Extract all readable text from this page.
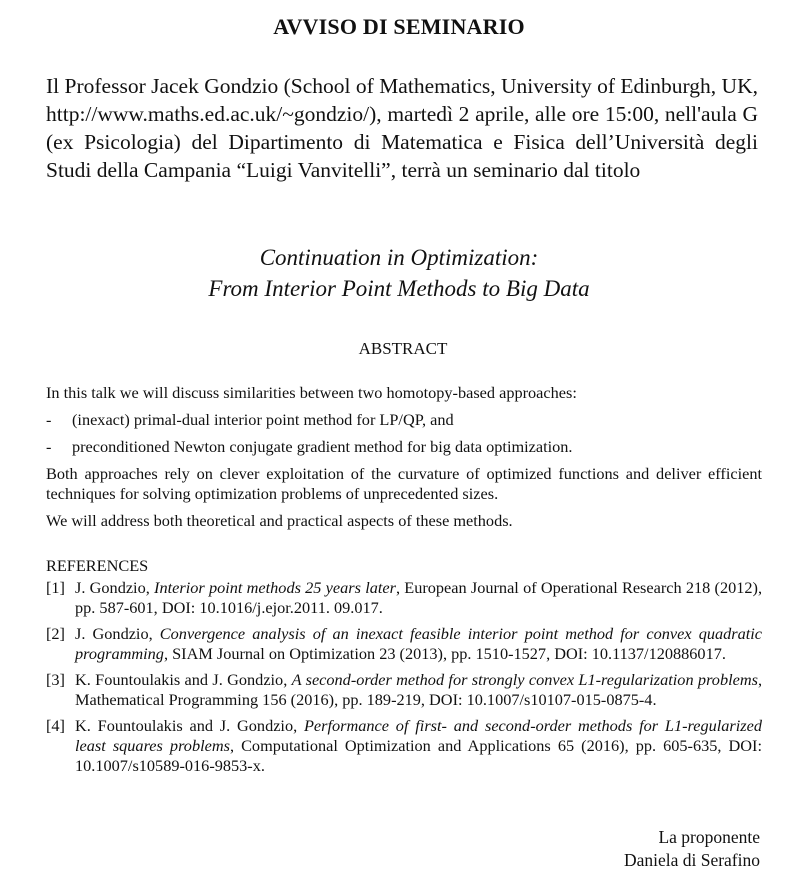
AVVISO DI SEMINARIO
Il Professor Jacek Gondzio (School of Mathematics, University of Edinburgh, UK, http://www.maths.ed.ac.uk/~gondzio/), martedì 2 aprile, alle ore 15:00, nell'aula G (ex Psicologia) del Dipartimento di Matematica e Fisica dell’Università degli Studi della Campania “Luigi Vanvitelli”, terrà un seminario dal titolo
Continuation in Optimization:
From Interior Point Methods to Big Data
ABSTRACT

In this talk we will discuss similarities between two homotopy-based approaches:

-	(inexact) primal-dual interior point method for LP/QP, and
-	preconditioned Newton conjugate gradient method for big data optimization.

Both approaches rely on clever exploitation of the curvature of optimized functions and deliver efficient techniques for solving optimization problems of unprecedented sizes.

We will address both theoretical and practical aspects of these methods.

REFERENCES
[1] J. Gondzio, Interior point methods 25 years later, European Journal of Operational Research 218 (2012), pp. 587-601, DOI: 10.1016/j.ejor.2011. 09.017.
[2] J. Gondzio, Convergence analysis of an inexact feasible interior point method for convex quadratic programming, SIAM Journal on Optimization 23 (2013), pp. 1510-1527, DOI: 10.1137/120886017.
[3] K. Fountoulakis and J. Gondzio, A second-order method for strongly convex L1-regularization problems, Mathematical Programming 156 (2016), pp. 189-219, DOI: 10.1007/s10107-015-0875-4.
[4] K. Fountoulakis and J. Gondzio, Performance of first- and second-order methods for L1-regularized least squares problems, Computational Optimization and Applications 65 (2016), pp. 605-635, DOI: 10.1007/s10589-016-9853-x.
La proponente
Daniela di Serafino
